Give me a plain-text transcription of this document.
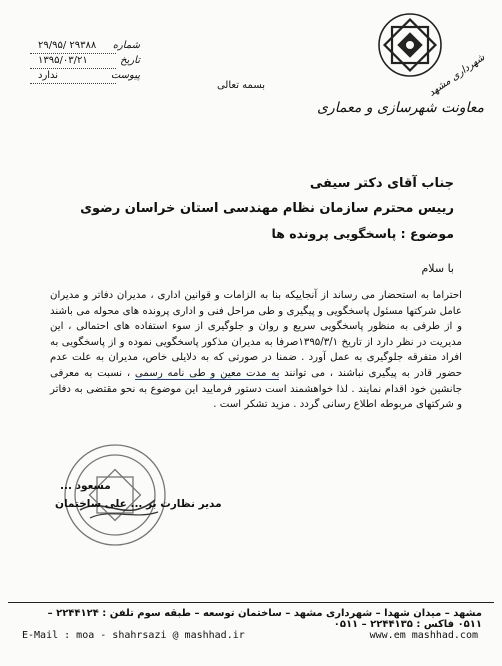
۲۹/۹۵/ ۲۹۳۸۸ شماره
۱۳۹۵/۰۳/۲۱	تاریخ
ندارد	پیوست
بسمه تعالی	شهرداری مشهد
معاونت شهرسازی و معماری
جناب آقای دکتر سیفی
رییس محترم سازمان نظام مهندسی استان خراسان رضوی
موضوع : پاسخگویی پرونده ها
با سلام
احتراما به استحضار می رساند از آنجاییکه بنا به الزامات و قوانین اداری ، مدیران دفاتر و مدیران عامل شرکتها مسئول پاسخگویی و پیگیری و طی مراحل فنی و اداری پرونده های محوله می باشند و از طرفی به منظور پاسخگویی سریع و روان و جلوگیری از سوء استفاده های احتمالی ، این مدیریت در نظر دارد از تاریخ ۱۳۹۵/۳/۱صرفا به مدیران مذکور پاسخگویی نموده و از پاسخگویی به افراد متفرقه جلوگیری به عمل آورد . ضمنا در صورتی که به دلایلی خاص، مدیران به علت عدم حضور قادر به پیگیری نباشند ، می توانند به مدت معین و طی نامه رسمی ، نسبت به معرفی جانشین خود اقدام نمایند . لذا خواهشمند است دستور فرمایید این موضوع به نحو مقتضی به دفاتر و شرکتهای مربوطه اطلاع رسانی گردد . مزید تشکر است .
مسعود ...
مدیر نظارت بر ... علی ساختمان
مشهد – میدان شهدا – شهرداری مشهد – ساختمان توسعه – طبقه سوم تلفن : ۲۲۴۴۱۲۴ – ۰۵۱۱ فاکس : ۲۲۴۴۱۳۵ – ۰۵۱۱
E-Mail : moa - shahrsazi @ mashhad.ir	www.em mashhad.com
